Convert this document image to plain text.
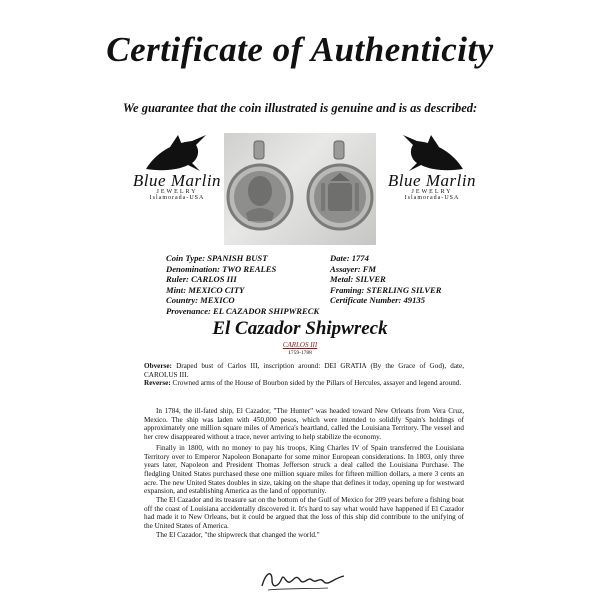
Certificate of Authenticity
We guarantee that the coin illustrated is genuine and is as described:
Blue Marlin
JEWELRY
Islamorada-USA
Blue Marlin
JEWELRY
Islamorada-USA
Coin Type: SPANISH BUST
Denomination: TWO REALES
Ruler: CARLOS III
Mint: MEXICO CITY
Country: MEXICO
Date: 1774
Assayer: FM
Metal: SILVER
Framing: STERLING SILVER
Certificate Number: 49135
Provenance: EL CAZADOR SHIPWRECK
El Cazador Shipwreck
CARLOS III
1759-1788

Obverse: Draped bust of Carlos III, inscription around: DEI GRATIA (By the Grace of God), date, CAROLUS III.

Reverse: Crowned arms of the House of Bourbon sided by the Pillars of Hercules, assayer and legend around.

In 1784, the ill-fated ship, El Cazador, "The Hunter" was headed toward New Orleans from Vera Cruz, Mexico. The ship was laden with 450,000 pesos, which were intended to solidify Spain's holdings of approximately one million square miles of America's heartland, called the Louisiana Territory. The vessel and her crew disappeared without a trace, never arriving to help stabilize the economy.

Finally in 1800, with no money to pay his troops, King Charles IV of Spain transferred the Louisiana Territory over to Emperor Napoleon Bonaparte for some minor European considerations. In 1803, only three years later, Napoleon and President Thomas Jefferson struck a deal called the Louisiana Purchase. The fledgling United States purchased these one million square miles for fifteen million dollars, a mere 3 cents an acre. The new United States doubles in size, taking on the shape that defines it today, opening up for westward expansion, and establishing America as the land of opportunity.

The El Cazador and its treasure sat on the bottom of the Gulf of Mexico for 209 years before a fishing boat off the coast of Louisiana accidentally discovered it. It's hard to say what would have happened if El Cazador had made it to New Orleans, but it could be argued that the loss of this ship did contribute to the unifying of the United States of America.

The El Cazador, "the shipwreck that changed the world."
